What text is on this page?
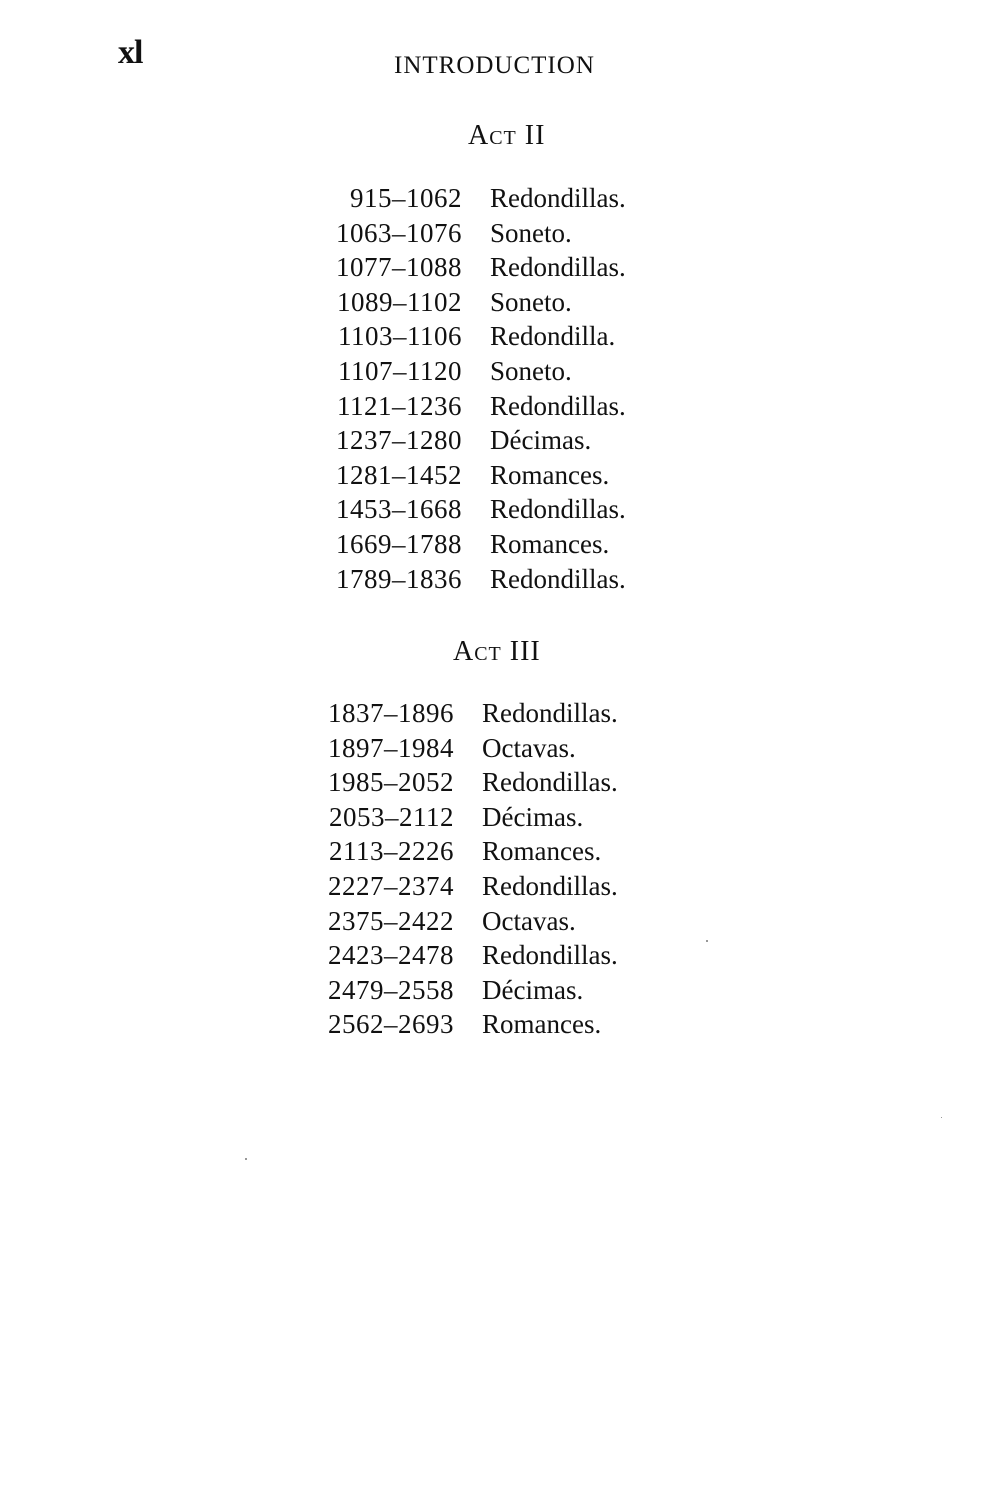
xl	INTRODUCTION
Act II
915–1062	Redondillas.
1063–1076	Soneto.
1077–1088	Redondillas.
1089–1102	Soneto.
1103–1106	Redondilla.
1107–1120	Soneto.
1121–1236	Redondillas.
1237–1280	Décimas.
1281–1452	Romances.
1453–1668	Redondillas.
1669–1788	Romances.
1789–1836	Redondillas.
Act III
1837–1896	Redondillas.
1897–1984	Octavas.
1985–2052	Redondillas.
2053–2112	Décimas.
2113–2226	Romances.
2227–2374	Redondillas.
2375–2422	Octavas.
2423–2478	Redondillas.
2479–2558	Décimas.
2562–2693	Romances.
